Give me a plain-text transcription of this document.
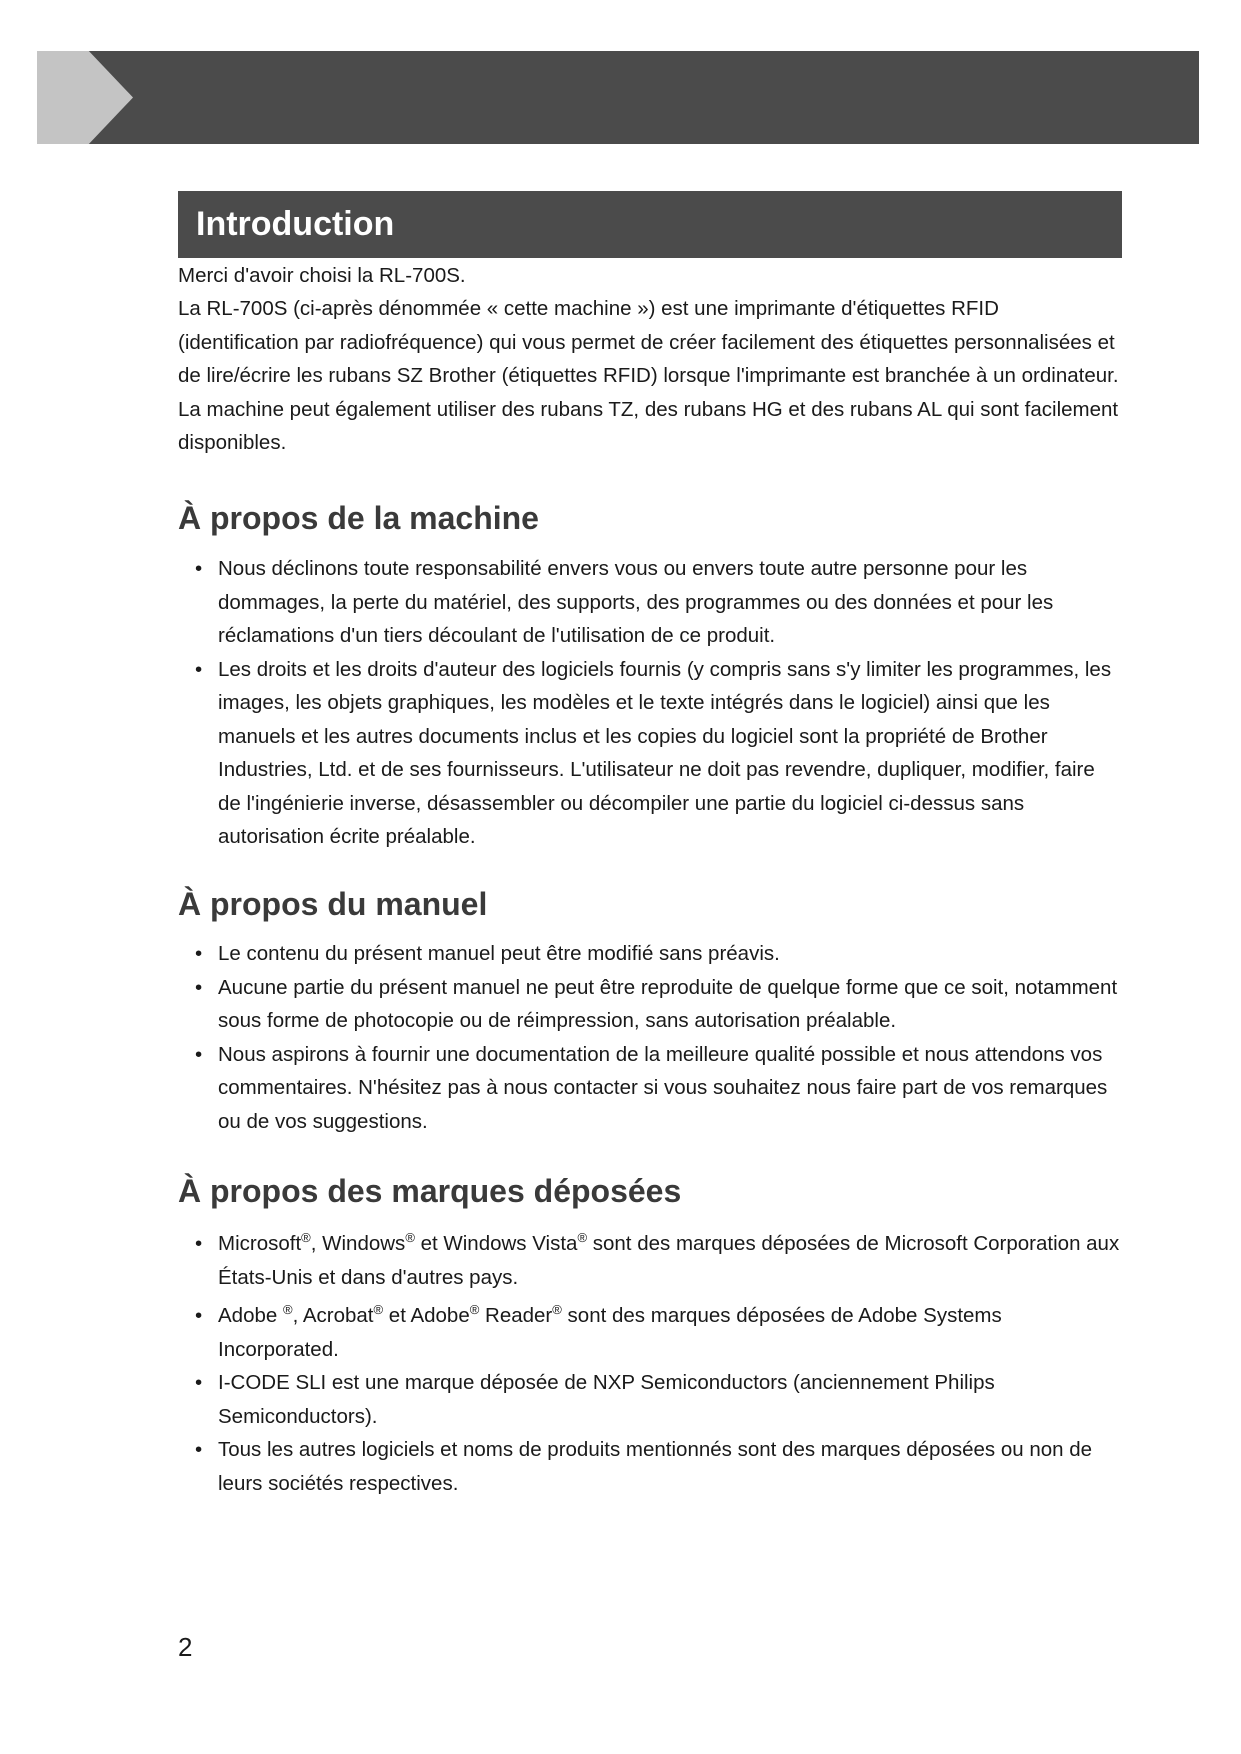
Introduction

Merci d'avoir choisi la RL-700S.

La RL-700S (ci-après dénommée « cette machine ») est une imprimante d'étiquettes RFID (identification par radiofréquence) qui vous permet de créer facilement des étiquettes personnalisées et de lire/écrire les rubans SZ Brother (étiquettes RFID) lorsque l'imprimante est branchée à un ordinateur. La machine peut également utiliser des rubans TZ, des rubans HG et des rubans AL qui sont facilement disponibles.

À propos de la machine
• Nous déclinons toute responsabilité envers vous ou envers toute autre personne pour les dommages, la perte du matériel, des supports, des programmes ou des données et pour les réclamations d'un tiers découlant de l'utilisation de ce produit.
• Les droits et les droits d'auteur des logiciels fournis (y compris sans s'y limiter les programmes, les images, les objets graphiques, les modèles et le texte intégrés dans le logiciel) ainsi que les manuels et les autres documents inclus et les copies du logiciel sont la propriété de Brother Industries, Ltd. et de ses fournisseurs. L'utilisateur ne doit pas revendre, dupliquer, modifier, faire de l'ingénierie inverse, désassembler ou décompiler une partie du logiciel ci-dessus sans autorisation écrite préalable.
À propos du manuel
• Le contenu du présent manuel peut être modifié sans préavis.
• Aucune partie du présent manuel ne peut être reproduite de quelque forme que ce soit, notamment sous forme de photocopie ou de réimpression, sans autorisation préalable.
• Nous aspirons à fournir une documentation de la meilleure qualité possible et nous attendons vos commentaires. N'hésitez pas à nous contacter si vous souhaitez nous faire part de vos remarques ou de vos suggestions.
À propos des marques déposées
• Microsoft®, Windows® et Windows Vista® sont des marques déposées de Microsoft Corporation aux États-Unis et dans d'autres pays.
• Adobe ®, Acrobat® et Adobe® Reader® sont des marques déposées de Adobe Systems Incorporated.
• I-CODE SLI est une marque déposée de NXP Semiconductors (anciennement Philips Semiconductors).
• Tous les autres logiciels et noms de produits mentionnés sont des marques déposées ou non de leurs sociétés respectives.
2
